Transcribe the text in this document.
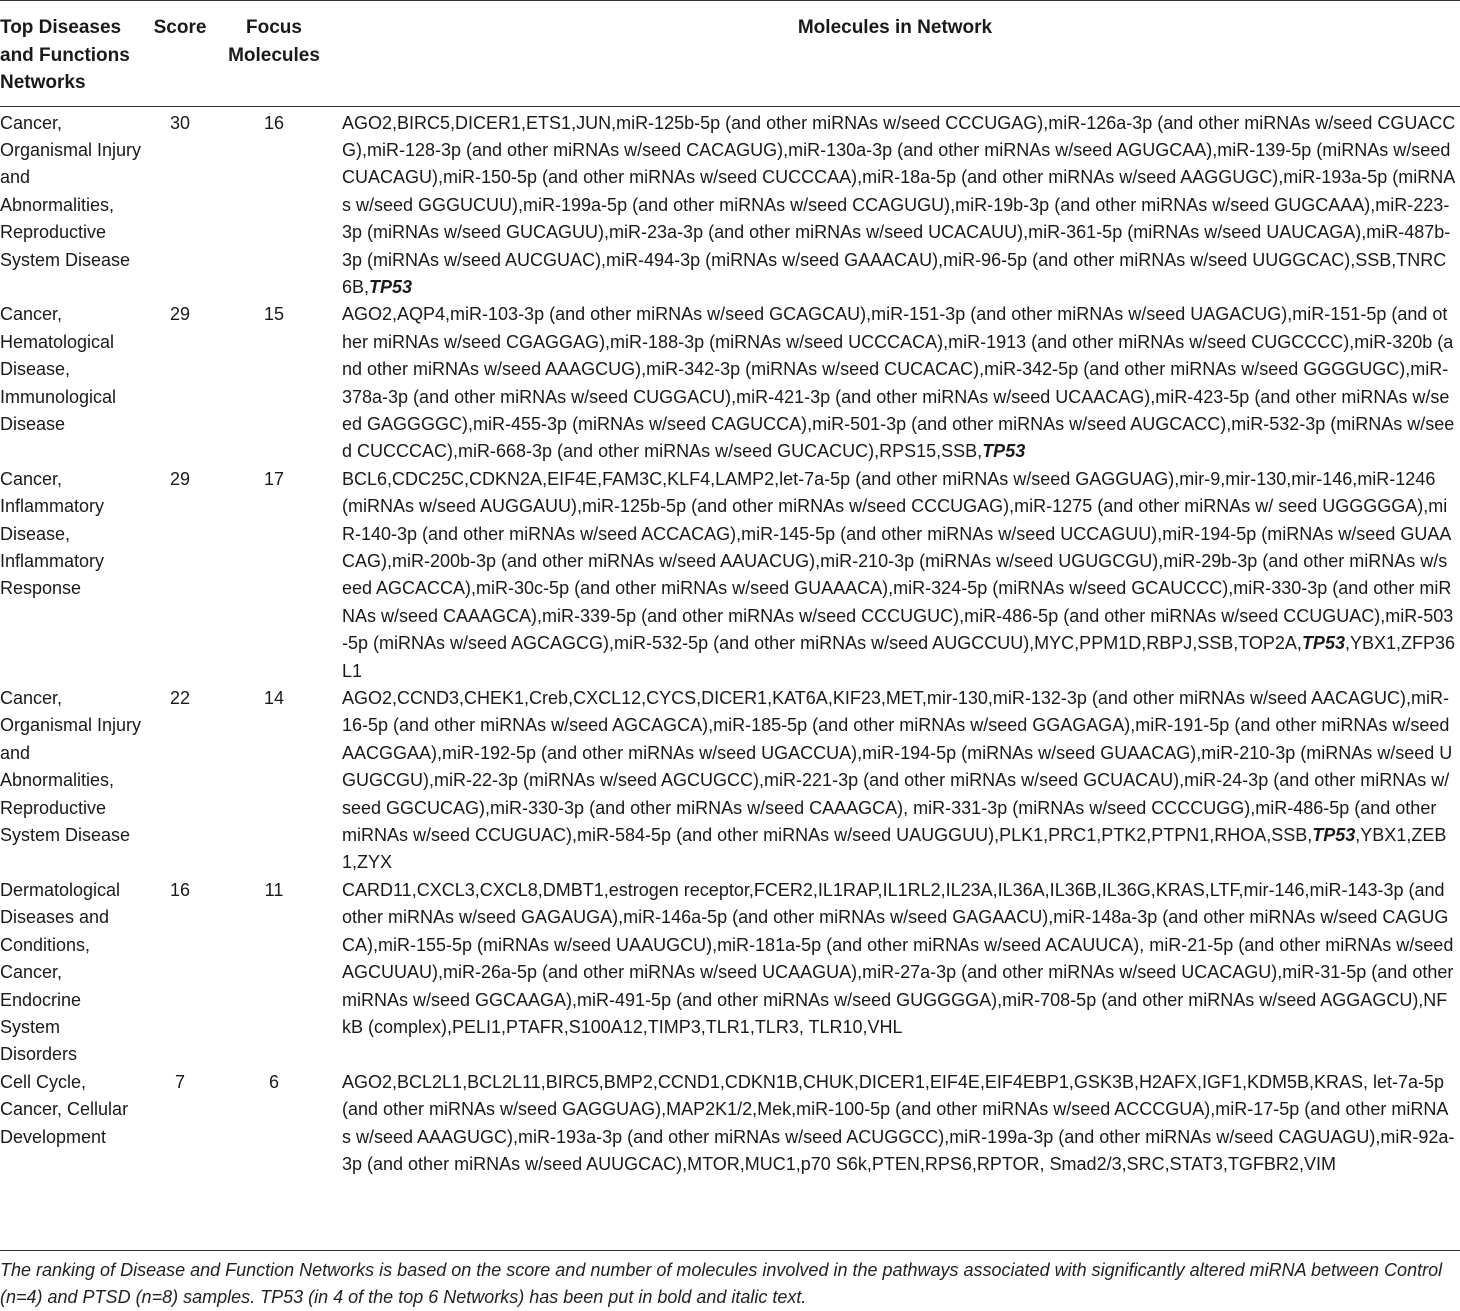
Top Diseases and Functions Networks	Score	Focus Molecules	Molecules in Network
Cancer, Organismal Injury and Abnormalities, Reproductive System Disease	30	16	AGO2,BIRC5,DICER1,ETS1,JUN,miR-125b-5p (and other miRNAs w/seed CCCUGAG),miR-126a-3p (and other miRNAs w/seed CGUACCG),miR-128-3p (and other miRNAs w/seed CACAGUG),miR-130a-3p (and other miRNAs w/seed AGUGCAA),miR-139-5p (miRNAs w/seed CUACAGU),miR-150-5p (and other miRNAs w/seed CUCCCAA),miR-18a-5p (and other miRNAs w/seed AAGGUGC),miR-193a-5p (miRNAs w/seed GGGUCUU),miR-199a-5p (and other miRNAs w/seed CCAGUGU),miR-19b-3p (and other miRNAs w/seed GUGCAAA),miR-223-3p (miRNAs w/seed GUCAGUU),miR-23a-3p (and other miRNAs w/seed UCACAUU),miR-361-5p (miRNAs w/seed UAUCAGA),miR-487b-3p (miRNAs w/seed AUCGUAC),miR-494-3p (miRNAs w/seed GAAACAU),miR-96-5p (and other miRNAs w/seed UUGGCAC),SSB,TNRC6B,TP53
Cancer, Hematological Disease, Immunological Disease	29	15	AGO2,AQP4,miR-103-3p (and other miRNAs w/seed GCAGCAU),miR-151-3p (and other miRNAs w/seed UAGACUG),miR-151-5p (and other miRNAs w/seed CGAGGAG),miR-188-3p (miRNAs w/seed UCCCACA),miR-1913 (and other miRNAs w/seed CUGCCCC),miR-320b (and other miRNAs w/seed AAAGCUG),miR-342-3p (miRNAs w/seed CUCACAC),miR-342-5p (and other miRNAs w/seed GGGGUGC),miR-378a-3p (and other miRNAs w/seed CUGGACU),miR-421-3p (and other miRNAs w/seed UCAACAG),miR-423-5p (and other miRNAs w/seed GAGGGGC),miR-455-3p (miRNAs w/seed CAGUCCA),miR-501-3p (and other miRNAs w/seed AUGCACC),miR-532-3p (miRNAs w/seed CUCCCAC),miR-668-3p (and other miRNAs w/seed GUCACUC),RPS15,SSB,TP53
Cancer, Inflammatory Disease, Inflammatory Response	29	17	BCL6,CDC25C,CDKN2A,EIF4E,FAM3C,KLF4,LAMP2,let-7a-5p (and other miRNAs w/seed GAGGUAG),mir-9,mir-130,mir-146,miR-1246 (miRNAs w/seed AUGGAUU),miR-125b-5p (and other miRNAs w/seed CCCUGAG),miR-1275 (and other miRNAs w/ seed UGGGGGA),miR-140-3p (and other miRNAs w/seed ACCACAG),miR-145-5p (and other miRNAs w/seed UCCAGUU),miR-194-5p (miRNAs w/seed GUAACAG),miR-200b-3p (and other miRNAs w/seed AAUACUG),miR-210-3p (miRNAs w/seed UGUGCGU),miR-29b-3p (and other miRNAs w/seed AGCACCA),miR-30c-5p (and other miRNAs w/seed GUAAACA),miR-324-5p (miRNAs w/seed GCAUCCC),miR-330-3p (and other miRNAs w/seed CAAAGCA),miR-339-5p (and other miRNAs w/seed CCCUGUC),miR-486-5p (and other miRNAs w/seed CCUGUAC),miR-503-5p (miRNAs w/seed AGCAGCG),miR-532-5p (and other miRNAs w/seed AUGCCUU),MYC,PPM1D,RBPJ,SSB,TOP2A,TP53,YBX1,ZFP36L1
Cancer, Organismal Injury and Abnormalities, Reproductive System Disease	22	14	AGO2,CCND3,CHEK1,Creb,CXCL12,CYCS,DICER1,KAT6A,KIF23,MET,mir-130,miR-132-3p (and other miRNAs w/seed AACAGUC),miR-16-5p (and other miRNAs w/seed AGCAGCA),miR-185-5p (and other miRNAs w/seed GGAGAGA),miR-191-5p (and other miRNAs w/seed AACGGAA),miR-192-5p (and other miRNAs w/seed UGACCUA),miR-194-5p (miRNAs w/seed GUAACAG),miR-210-3p (miRNAs w/seed UGUGCGU),miR-22-3p (miRNAs w/seed AGCUGCC),miR-221-3p (and other miRNAs w/seed GCUACAU),miR-24-3p (and other miRNAs w/seed GGCUCAG),miR-330-3p (and other miRNAs w/seed CAAAGCA), miR-331-3p (miRNAs w/seed CCCCUGG),miR-486-5p (and other miRNAs w/seed CCUGUAC),miR-584-5p (and other miRNAs w/seed UAUGGUU),PLK1,PRC1,PTK2,PTPN1,RHOA,SSB,TP53,YBX1,ZEB1,ZYX
Dermatological Diseases and Conditions, Cancer, Endocrine System Disorders	16	11	CARD11,CXCL3,CXCL8,DMBT1,estrogen receptor,FCER2,IL1RAP,IL1RL2,IL23A,IL36A,IL36B,IL36G,KRAS,LTF,mir-146,miR-143-3p (and other miRNAs w/seed GAGAUGA),miR-146a-5p (and other miRNAs w/seed GAGAACU),miR-148a-3p (and other miRNAs w/seed CAGUGCA),miR-155-5p (miRNAs w/seed UAAUGCU),miR-181a-5p (and other miRNAs w/seed ACAUUCA), miR-21-5p (and other miRNAs w/seed AGCUUAU),miR-26a-5p (and other miRNAs w/seed UCAAGUA),miR-27a-3p (and other miRNAs w/seed UCACAGU),miR-31-5p (and other miRNAs w/seed GGCAAGA),miR-491-5p (and other miRNAs w/seed GUGGGGA),miR-708-5p (and other miRNAs w/seed AGGAGCU),NFkB (complex),PELI1,PTAFR,S100A12,TIMP3,TLR1,TLR3, TLR10,VHL
Cell Cycle, Cancer, Cellular Development	7	6	AGO2,BCL2L1,BCL2L11,BIRC5,BMP2,CCND1,CDKN1B,CHUK,DICER1,EIF4E,EIF4EBP1,GSK3B,H2AFX,IGF1,KDM5B,KRAS, let-7a-5p (and other miRNAs w/seed GAGGUAG),MAP2K1/2,Mek,miR-100-5p (and other miRNAs w/seed ACCCGUA),miR-17-5p (and other miRNAs w/seed AAAGUGC),miR-193a-3p (and other miRNAs w/seed ACUGGCC),miR-199a-3p (and other miRNAs w/seed CAGUAGU),miR-92a-3p (and other miRNAs w/seed AUUGCAC),MTOR,MUC1,p70 S6k,PTEN,RPS6,RPTOR, Smad2/3,SRC,STAT3,TGFBR2,VIM
The ranking of Disease and Function Networks is based on the score and number of molecules involved in the pathways associated with significantly altered miRNA between Control (n=4) and PTSD (n=8) samples. TP53 (in 4 of the top 6 Networks) has been put in bold and italic text.
